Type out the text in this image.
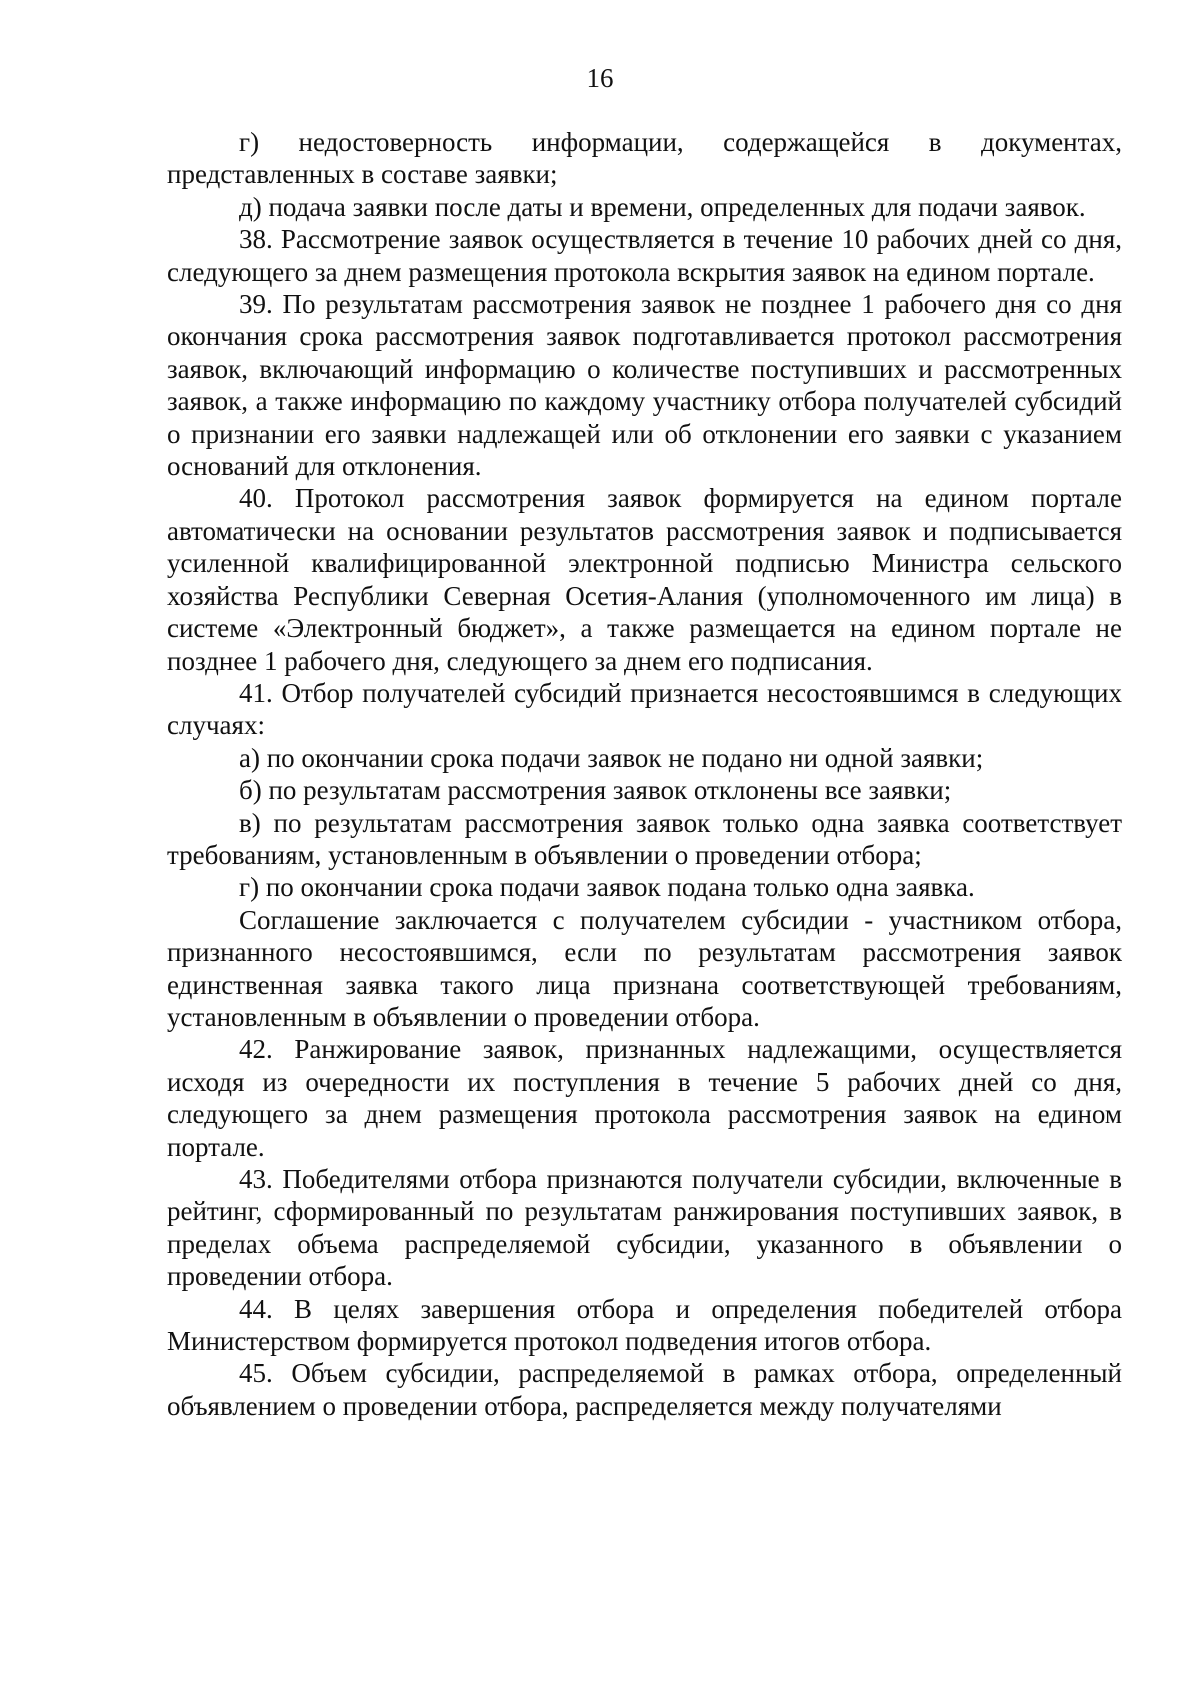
16

г) недостоверность информации, содержащейся в документах, представленных в составе заявки;

д) подача заявки после даты и времени, определенных для подачи заявок.

38. Рассмотрение заявок осуществляется в течение 10 рабочих дней со дня, следующего за днем размещения протокола вскрытия заявок на едином портале.

39. По результатам рассмотрения заявок не позднее 1 рабочего дня со дня окончания срока рассмотрения заявок подготавливается протокол рассмотрения заявок, включающий информацию о количестве поступивших и рассмотренных заявок, а также информацию по каждому участнику отбора получателей субсидий о признании его заявки надлежащей или об отклонении его заявки с указанием оснований для отклонения.

40. Протокол рассмотрения заявок формируется на едином портале автоматически на основании результатов рассмотрения заявок и подписывается усиленной квалифицированной электронной подписью Министра сельского хозяйства Республики Северная Осетия-Алания (уполномоченного им лица) в системе «Электронный бюджет», а также размещается на едином портале не позднее 1 рабочего дня, следующего за днем его подписания.

41. Отбор получателей субсидий признается несостоявшимся в следующих случаях:

а) по окончании срока подачи заявок не подано ни одной заявки;

б) по результатам рассмотрения заявок отклонены все заявки;

в) по результатам рассмотрения заявок только одна заявка соответствует требованиям, установленным в объявлении о проведении отбора;

г) по окончании срока подачи заявок подана только одна заявка.

Соглашение заключается с получателем субсидии - участником отбора, признанного несостоявшимся, если по результатам рассмотрения заявок единственная заявка такого лица признана соответствующей требованиям, установленным в объявлении о проведении отбора.

42. Ранжирование заявок, признанных надлежащими, осуществляется исходя из очередности их поступления в течение 5 рабочих дней со дня, следующего за днем размещения протокола рассмотрения заявок на едином портале.

43. Победителями отбора признаются получатели субсидии, включенные в рейтинг, сформированный по результатам ранжирования поступивших заявок, в пределах объема распределяемой субсидии, указанного в объявлении о проведении отбора.

44. В целях завершения отбора и определения победителей отбора Министерством формируется протокол подведения итогов отбора.

45. Объем субсидии, распределяемой в рамках отбора, определенный объявлением о проведении отбора, распределяется между получателями
